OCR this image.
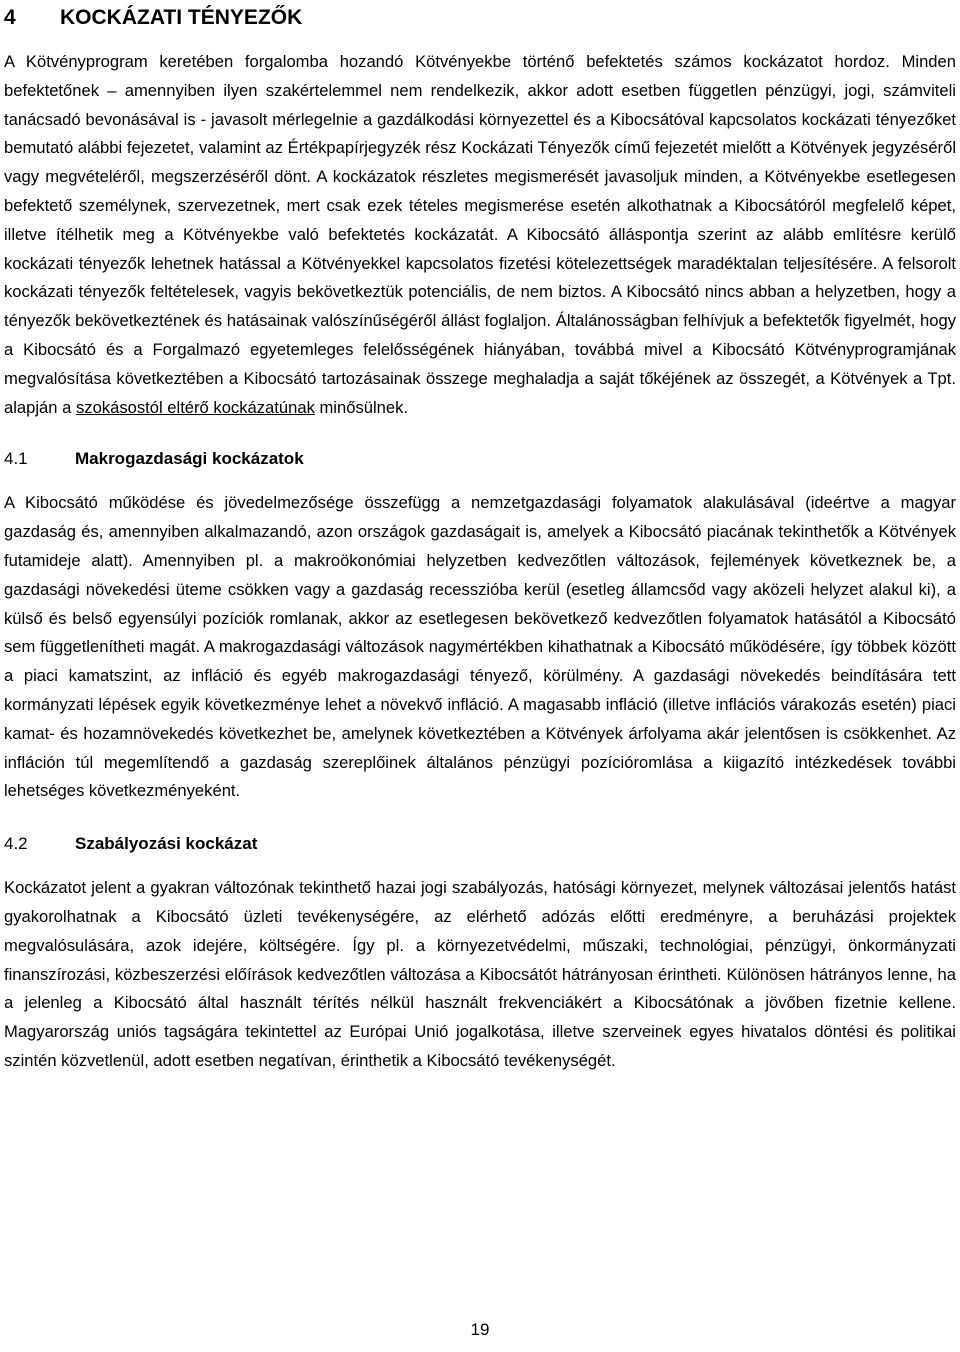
4 KOCKÁZATI TÉNYEZŐK

A Kötvényprogram keretében forgalomba hozandó Kötvényekbe történő befektetés számos kockázatot hordoz. Minden befektetőnek – amennyiben ilyen szakértelemmel nem rendelkezik, akkor adott esetben független pénzügyi, jogi, számviteli tanácsadó bevonásával is - javasolt mérlegelnie a gazdálkodási környezettel és a Kibocsátóval kapcsolatos kockázati tényezőket bemutató alábbi fejezetet, valamint az Értékpapírjegyzék rész Kockázati Tényezők című fejezetét mielőtt a Kötvények jegyzéséről vagy megvételéről, megszerzéséről dönt. A kockázatok részletes megismerését javasoljuk minden, a Kötvényekbe esetlegesen befektető személynek, szervezetnek, mert csak ezek tételes megismerése esetén alkothatnak a Kibocsátóról megfelelő képet, illetve ítélhetik meg a Kötvényekbe való befektetés kockázatát. A Kibocsátó álláspontja szerint az alább említésre kerülő kockázati tényezők lehetnek hatással a Kötvényekkel kapcsolatos fizetési kötelezettségek maradéktalan teljesítésére. A felsorolt kockázati tényezők feltételesek, vagyis bekövetkeztük potenciális, de nem biztos. A Kibocsátó nincs abban a helyzetben, hogy a tényezők bekövetkeztének és hatásainak valószínűségéről állást foglaljon. Általánosságban felhívjuk a befektetők figyelmét, hogy a Kibocsátó és a Forgalmazó egyetemleges felelősségének hiányában, továbbá mivel a Kibocsátó Kötvényprogramjának megvalósítása következtében a Kibocsátó tartozásainak összege meghaladja a saját tőkéjének az összegét, a Kötvények a Tpt. alapján a szokásostól eltérő kockázatúnak minősülnek.

4.1	Makrogazdasági kockázatok

A Kibocsátó működése és jövedelmezősége összefügg a nemzetgazdasági folyamatok alakulásával (ideértve a magyar gazdaság és, amennyiben alkalmazandó, azon országok gazdaságait is, amelyek a Kibocsátó piacának tekinthetők a Kötvények futamideje alatt). Amennyiben pl. a makroökonómiai helyzetben kedvezőtlen változások, fejlemények következnek be, a gazdasági növekedési üteme csökken vagy a gazdaság recesszióba kerül (esetleg államcsőd vagy aközeli helyzet alakul ki), a külső és belső egyensúlyi pozíciók romlanak, akkor az esetlegesen bekövetkező kedvezőtlen folyamatok hatásától a Kibocsátó sem függetlenítheti magát. A makrogazdasági változások nagymértékben kihathatnak a Kibocsátó működésére, így többek között a piaci kamatszint, az infláció és egyéb makrogazdasági tényező, körülmény. A gazdasági növekedés beindítására tett kormányzati lépések egyik következménye lehet a növekvő infláció. A magasabb infláció (illetve inflációs várakozás esetén) piaci kamat- és hozamnövekedés következhet be, amelynek következtében a Kötvények árfolyama akár jelentősen is csökkenhet. Az infláción túl megemlítendő a gazdaság szereplőinek általános pénzügyi pozícióromlása a kiigazító intézkedések további lehetséges következményeként.

4.2	Szabályozási kockázat

Kockázatot jelent a gyakran változónak tekinthető hazai jogi szabályozás, hatósági környezet, melynek változásai jelentős hatást gyakorolhatnak a Kibocsátó üzleti tevékenységére, az elérhető adózás előtti eredményre, a beruházási projektek megvalósulására, azok idejére, költségére. Így pl. a környezetvédelmi, műszaki, technológiai, pénzügyi, önkormányzati finanszírozási, közbeszerzési előírások kedvezőtlen változása a Kibocsátót hátrányosan érintheti. Különösen hátrányos lenne, ha a jelenleg a Kibocsátó által használt térítés nélkül használt frekvenciákért a Kibocsátónak a jövőben fizetnie kellene. Magyarország uniós tagságára tekintettel az Európai Unió jogalkotása, illetve szerveinek egyes hivatalos döntési és politikai szintén közvetlenül, adott esetben negatívan, érinthetik a Kibocsátó tevékenységét.

19
